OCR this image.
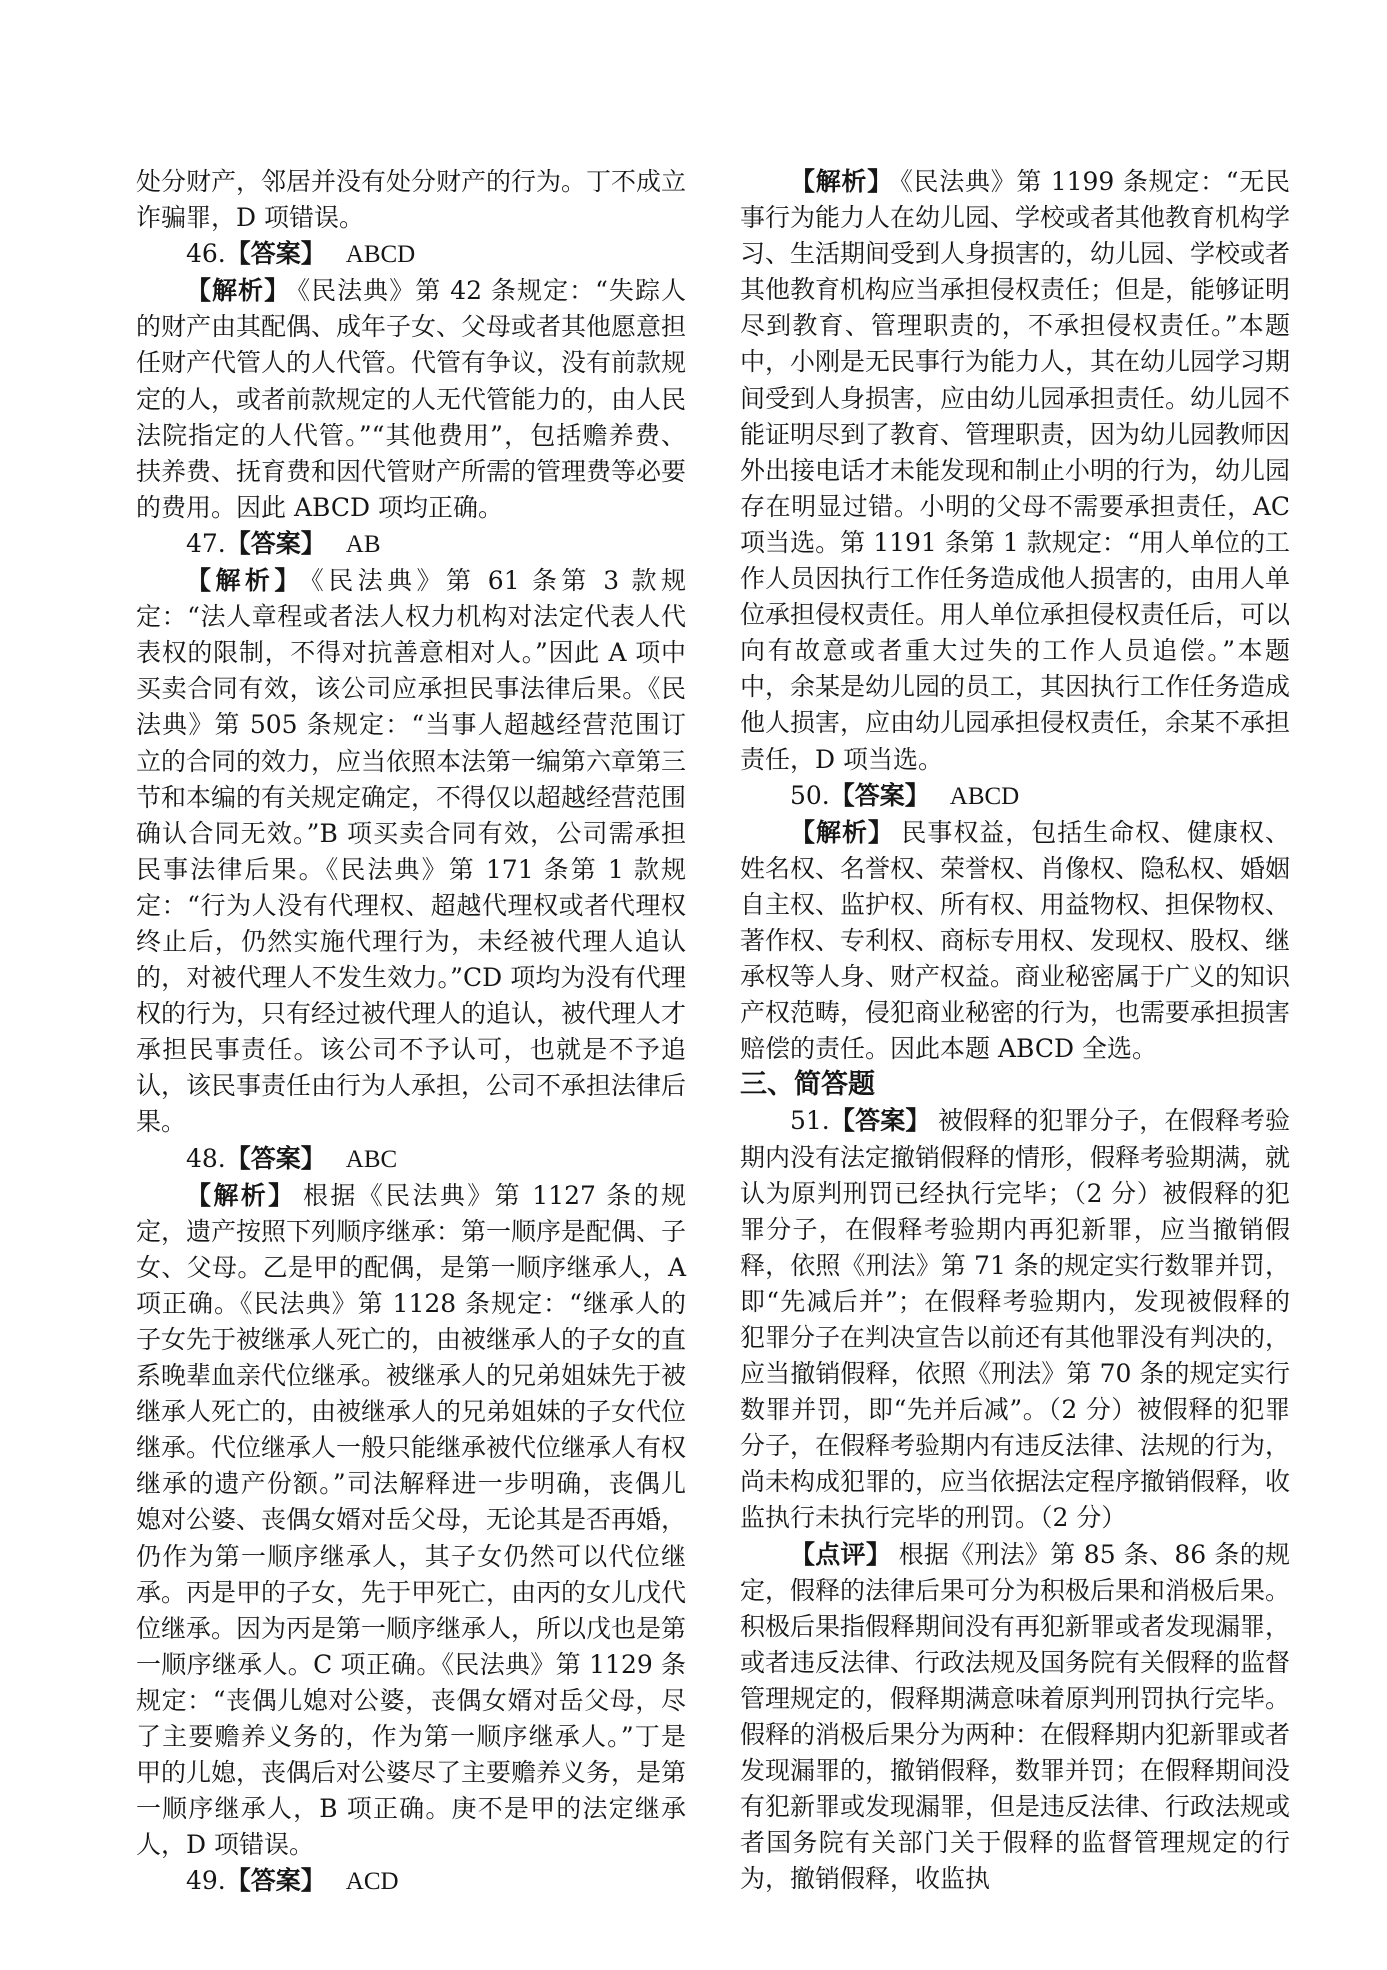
处分财产，邻居并没有处分财产的行为。丁不成立诈骗罪，D 项错误。

46.【答案】 ABCD

【解析】 《民法典》第 42 条规定：“失踪人的财产由其配偶、成年子女、父母或者其他愿意担任财产代管人的人代管。代管有争议，没有前款规定的人，或者前款规定的人无代管能力的，由人民法院指定的人代管。”“其他费用”，包括赡养费、扶养费、抚育费和因代管财产所需的管理费等必要的费用。因此 ABCD 项均正确。

47.【答案】 AB

【解析】 《民法典》第 61 条第 3 款规定：“法人章程或者法人权力机构对法定代表人代表权的限制，不得对抗善意相对人。”因此 A 项中买卖合同有效，该公司应承担民事法律后果。《民法典》第 505 条规定：“当事人超越经营范围订立的合同的效力，应当依照本法第一编第六章第三节和本编的有关规定确定，不得仅以超越经营范围确认合同无效。”B 项买卖合同有效，公司需承担民事法律后果。《民法典》第 171 条第 1 款规定：“行为人没有代理权、超越代理权或者代理权终止后，仍然实施代理行为，未经被代理人追认的，对被代理人不发生效力。”CD 项均为没有代理权的行为，只有经过被代理人的追认，被代理人才承担民事责任。该公司不予认可，也就是不予追认，该民事责任由行为人承担，公司不承担法律后果。

48.【答案】 ABC

【解析】 根据《民法典》第 1127 条的规定，遗产按照下列顺序继承：第一顺序是配偶、子女、父母。乙是甲的配偶，是第一顺序继承人，A 项正确。《民法典》第 1128 条规定：“继承人的子女先于被继承人死亡的，由被继承人的子女的直系晚辈血亲代位继承。被继承人的兄弟姐妹先于被继承人死亡的，由被继承人的兄弟姐妹的子女代位继承。代位继承人一般只能继承被代位继承人有权继承的遗产份额。”司法解释进一步明确，丧偶儿媳对公婆、丧偶女婿对岳父母，无论其是否再婚，仍作为第一顺序继承人，其子女仍然可以代位继承。丙是甲的子女，先于甲死亡，由丙的女儿戊代位继承。因为丙是第一顺序继承人，所以戊也是第一顺序继承人。C 项正确。《民法典》第 1129 条规定：“丧偶儿媳对公婆，丧偶女婿对岳父母，尽了主要赡养义务的，作为第一顺序继承人。”丁是甲的儿媳，丧偶后对公婆尽了主要赡养义务，是第一顺序继承人，B 项正确。庚不是甲的法定继承人，D 项错误。

49.【答案】 ACD

【解析】 《民法典》第 1199 条规定：“无民事行为能力人在幼儿园、学校或者其他教育机构学习、生活期间受到人身损害的，幼儿园、学校或者其他教育机构应当承担侵权责任；但是，能够证明尽到教育、管理职责的，不承担侵权责任。”本题中，小刚是无民事行为能力人，其在幼儿园学习期间受到人身损害，应由幼儿园承担责任。幼儿园不能证明尽到了教育、管理职责，因为幼儿园教师因外出接电话才未能发现和制止小明的行为，幼儿园存在明显过错。小明的父母不需要承担责任，AC 项当选。第 1191 条第 1 款规定：“用人单位的工作人员因执行工作任务造成他人损害的，由用人单位承担侵权责任。用人单位承担侵权责任后，可以向有故意或者重大过失的工作人员追偿。”本题中，余某是幼儿园的员工，其因执行工作任务造成他人损害，应由幼儿园承担侵权责任，余某不承担责任，D 项当选。

50.【答案】 ABCD

【解析】 民事权益，包括生命权、健康权、姓名权、名誉权、荣誉权、肖像权、隐私权、婚姻自主权、监护权、所有权、用益物权、担保物权、著作权、专利权、商标专用权、发现权、股权、继承权等人身、财产权益。商业秘密属于广义的知识产权范畴，侵犯商业秘密的行为，也需要承担损害赔偿的责任。因此本题 ABCD 全选。

三、简答题

51.【答案】 被假释的犯罪分子，在假释考验期内没有法定撤销假释的情形，假释考验期满，就认为原判刑罚已经执行完毕；（2 分）被假释的犯罪分子，在假释考验期内再犯新罪，应当撤销假释，依照《刑法》第 71 条的规定实行数罪并罚，即“先减后并”；在假释考验期内，发现被假释的犯罪分子在判决宣告以前还有其他罪没有判决的，应当撤销假释，依照《刑法》第 70 条的规定实行数罪并罚，即“先并后减”。（2 分）被假释的犯罪分子，在假释考验期内有违反法律、法规的行为，尚未构成犯罪的，应当依据法定程序撤销假释，收监执行未执行完毕的刑罚。（2 分）

【点评】 根据《刑法》第 85 条、86 条的规定，假释的法律后果可分为积极后果和消极后果。积极后果指假释期间没有再犯新罪或者发现漏罪，或者违反法律、行政法规及国务院有关假释的监督管理规定的，假释期满意味着原判刑罚执行完毕。假释的消极后果分为两种：在假释期内犯新罪或者发现漏罪的，撤销假释，数罪并罚；在假释期间没有犯新罪或发现漏罪，但是违反法律、行政法规或者国务院有关部门关于假释的监督管理规定的行为，撤销假释，收监执
